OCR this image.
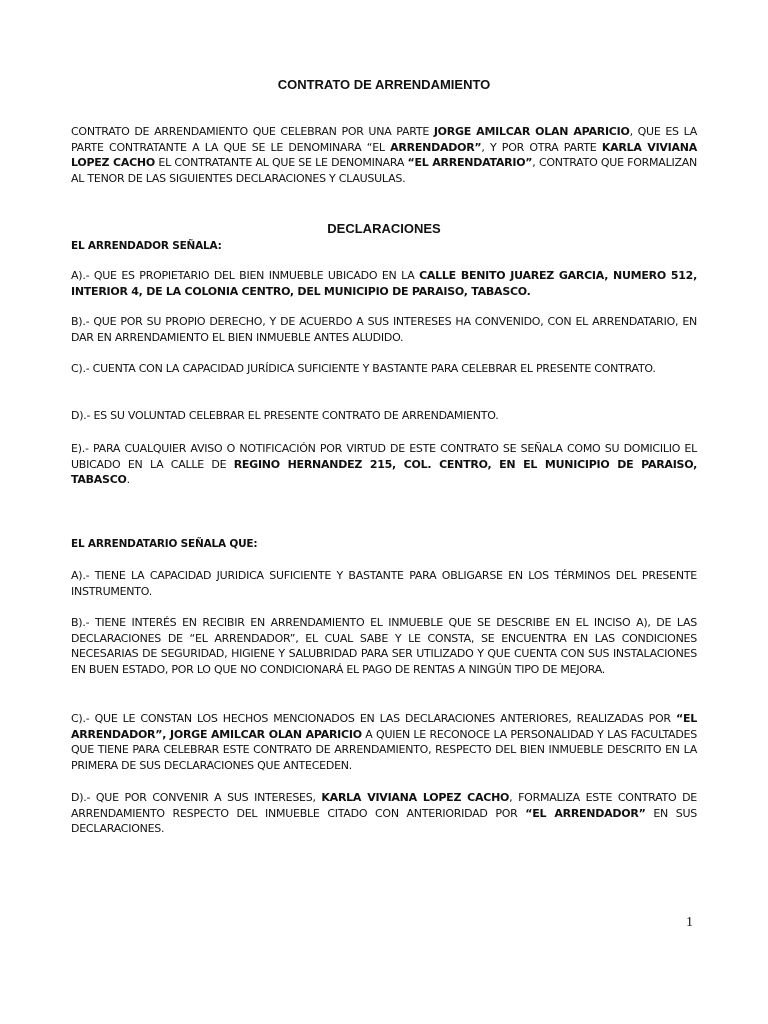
CONTRATO DE ARRENDAMIENTO
CONTRATO DE ARRENDAMIENTO QUE CELEBRAN POR UNA PARTE JORGE AMILCAR OLAN APARICIO, QUE ES LA PARTE CONTRATANTE A LA QUE SE LE DENOMINARA “EL ARRENDADOR”, Y POR OTRA PARTE KARLA VIVIANA LOPEZ CACHO EL CONTRATANTE AL QUE SE LE DENOMINARA “EL ARRENDATARIO”, CONTRATO QUE FORMALIZAN AL TENOR DE LAS SIGUIENTES DECLARACIONES Y CLAUSULAS.
DECLARACIONES
EL ARRENDADOR SEÑALA:
A).- QUE ES PROPIETARIO DEL BIEN INMUEBLE UBICADO EN LA CALLE BENITO JUAREZ GARCIA, NUMERO 512, INTERIOR 4, DE LA COLONIA CENTRO, DEL MUNICIPIO DE PARAISO, TABASCO.
B).- QUE POR SU PROPIO DERECHO, Y DE ACUERDO A SUS INTERESES HA CONVENIDO, CON EL ARRENDATARIO, EN DAR EN ARRENDAMIENTO EL BIEN INMUEBLE ANTES ALUDIDO.
C).- CUENTA CON LA CAPACIDAD JURÍDICA SUFICIENTE Y BASTANTE PARA CELEBRAR EL PRESENTE CONTRATO.
D).- ES SU VOLUNTAD CELEBRAR EL PRESENTE CONTRATO DE ARRENDAMIENTO.
E).- PARA CUALQUIER AVISO O NOTIFICACIÓN POR VIRTUD DE ESTE CONTRATO SE SEÑALA COMO SU DOMICILIO EL UBICADO EN LA CALLE DE REGINO HERNANDEZ 215, COL. CENTRO, EN EL MUNICIPIO DE PARAISO, TABASCO.
EL ARRENDATARIO SEÑALA QUE:
A).- TIENE LA CAPACIDAD JURIDICA SUFICIENTE Y BASTANTE PARA OBLIGARSE EN LOS TÉRMINOS DEL PRESENTE INSTRUMENTO.
B).- TIENE INTERÉS EN RECIBIR EN ARRENDAMIENTO EL INMUEBLE QUE SE DESCRIBE EN EL INCISO A), DE LAS DECLARACIONES DE “EL ARRENDADOR”, EL CUAL SABE Y LE CONSTA, SE ENCUENTRA EN LAS CONDICIONES NECESARIAS DE SEGURIDAD, HIGIENE Y SALUBRIDAD PARA SER UTILIZADO Y QUE CUENTA CON SUS INSTALACIONES EN BUEN ESTADO, POR LO QUE NO CONDICIONARÁ EL PAGO DE RENTAS A NINGÚN TIPO DE MEJORA.
C).- QUE LE CONSTAN LOS HECHOS MENCIONADOS EN LAS DECLARACIONES ANTERIORES, REALIZADAS POR “EL ARRENDADOR”, JORGE AMILCAR OLAN APARICIO A QUIEN LE RECONOCE LA PERSONALIDAD Y LAS FACULTADES QUE TIENE PARA CELEBRAR ESTE CONTRATO DE ARRENDAMIENTO, RESPECTO DEL BIEN INMUEBLE DESCRITO EN LA PRIMERA DE SUS DECLARACIONES QUE ANTECEDEN.
D).- QUE POR CONVENIR A SUS INTERESES, KARLA VIVIANA LOPEZ CACHO, FORMALIZA ESTE CONTRATO DE ARRENDAMIENTO RESPECTO DEL INMUEBLE CITADO CON ANTERIORIDAD POR “EL ARRENDADOR” EN SUS DECLARACIONES.
1
